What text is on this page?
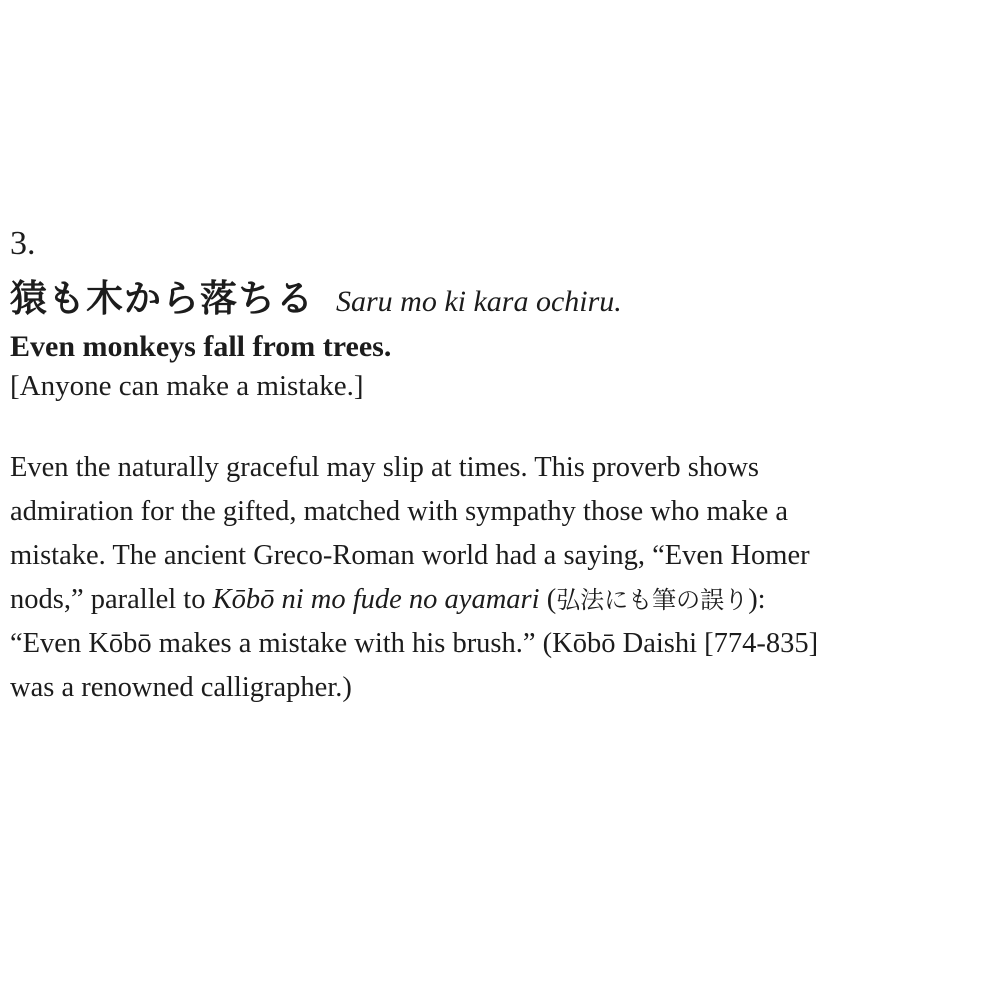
3.
猿も木から落ちる Saru mo ki kara ochiru.
Even monkeys fall from trees.
[Anyone can make a mistake.]
Even the naturally graceful may slip at times. This proverb shows
admiration for the gifted, matched with sympathy those who make a
mistake. The ancient Greco-Roman world had a saying, “Even Homer
nods,” parallel to Kōbō ni mo fude no ayamari (弘法にも筆の誤り):
“Even Kōbō makes a mistake with his brush.” (Kōbō Daishi [774-835]
was a renowned calligrapher.)
